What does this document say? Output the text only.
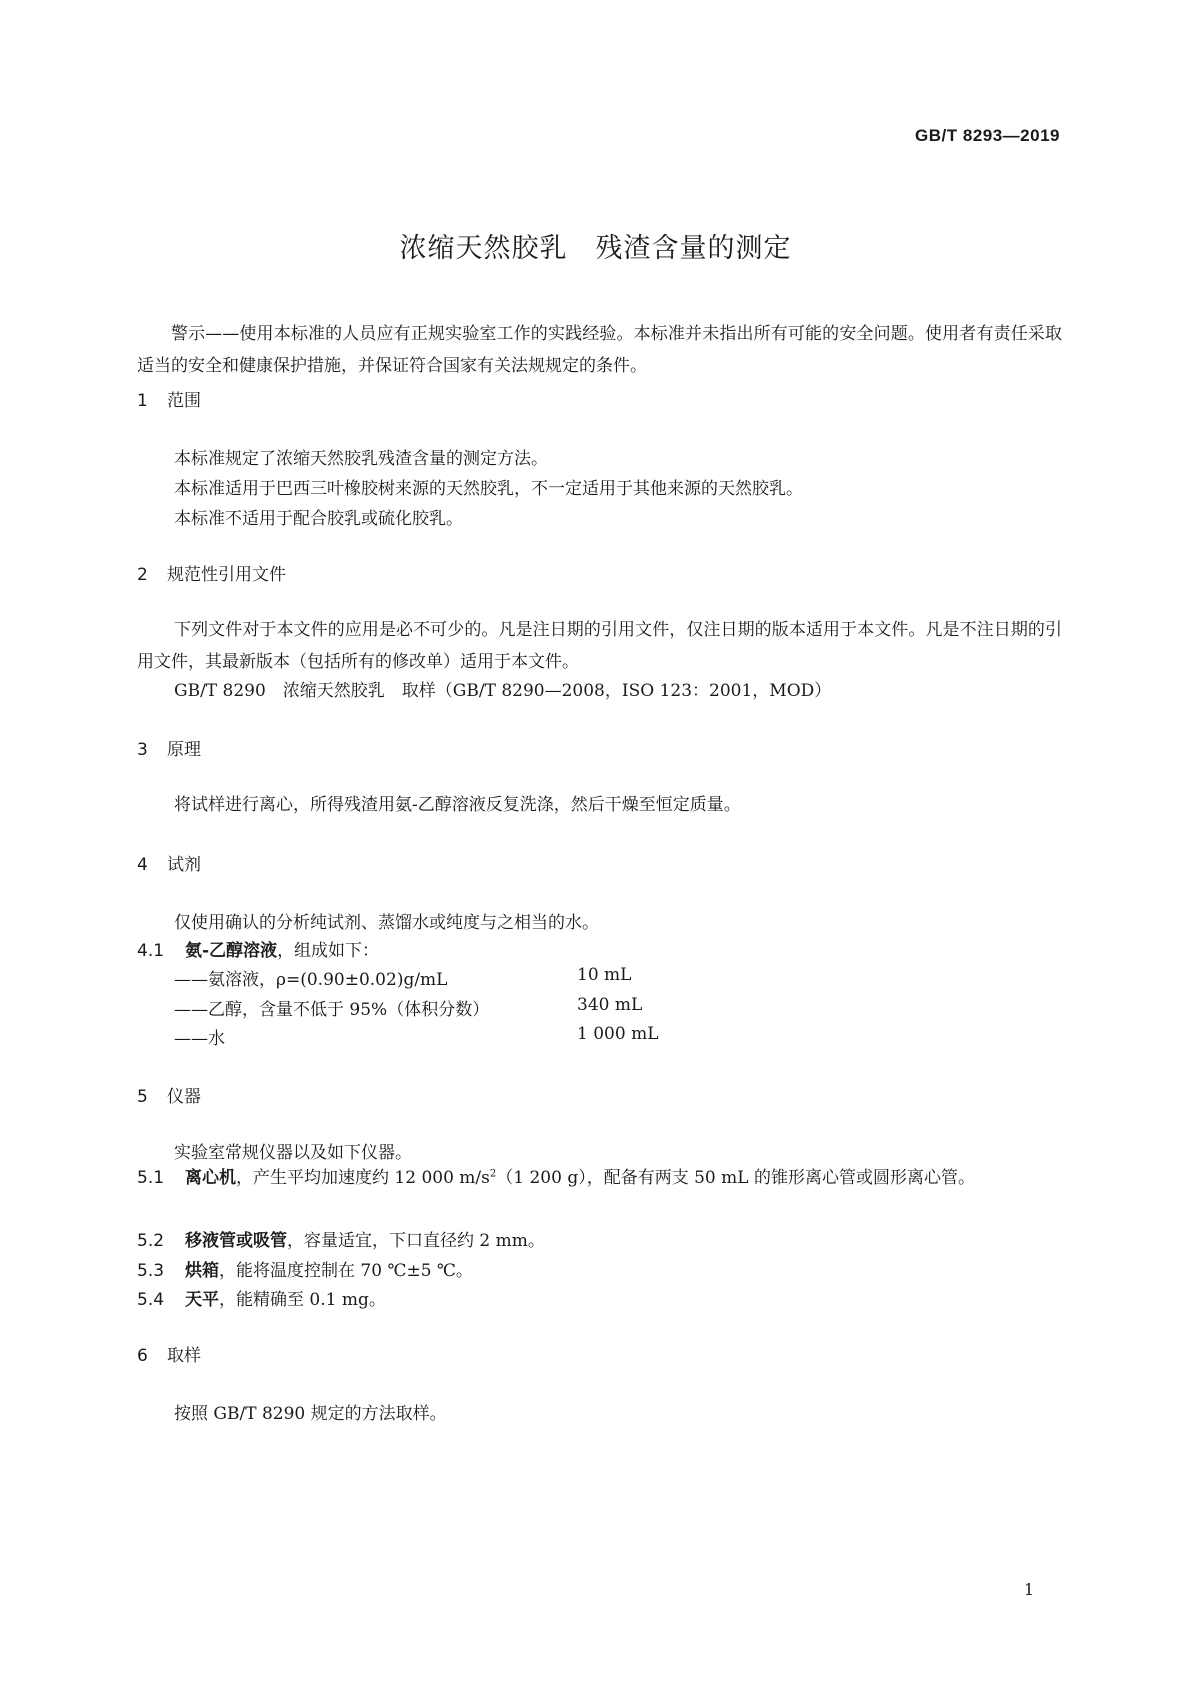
GB/T 8293—2019
浓缩天然胶乳　残渣含量的测定
警示——使用本标准的人员应有正规实验室工作的实践经验。本标准并未指出所有可能的安全问题。使用者有责任采取适当的安全和健康保护措施，并保证符合国家有关法规规定的条件。
1 范围
本标准规定了浓缩天然胶乳残渣含量的测定方法。
本标准适用于巴西三叶橡胶树来源的天然胶乳，不一定适用于其他来源的天然胶乳。
本标准不适用于配合胶乳或硫化胶乳。
2 规范性引用文件
下列文件对于本文件的应用是必不可少的。凡是注日期的引用文件，仅注日期的版本适用于本文件。凡是不注日期的引用文件，其最新版本（包括所有的修改单）适用于本文件。
GB/T 8290　浓缩天然胶乳　取样（GB/T 8290—2008，ISO 123：2001，MOD）
3 原理
将试样进行离心，所得残渣用氨-乙醇溶液反复洗涤，然后干燥至恒定质量。
4 试剂
仅使用确认的分析纯试剂、蒸馏水或纯度与之相当的水。
4.1 氨-乙醇溶液，组成如下：
——氨溶液，ρ=(0.90±0.02)g/mL	10 mL
——乙醇，含量不低于 95%（体积分数）	340 mL
——水	1 000 mL
5 仪器
实验室常规仪器以及如下仪器。
5.1 离心机，产生平均加速度约 12 000 $m/s^2(1$ 200 g），配备有两支 50 mL 的锥形离心管或圆形离心管。
5.2 移液管或吸管，容量适宜，下口直径约 2 mm。
5.3 烘箱，能将温度控制在 70 ℃±5 ℃。
5.4 天平，能精确至 0.1 mg。
6 取样
按照 GB/T 8290 规定的方法取样。
1
